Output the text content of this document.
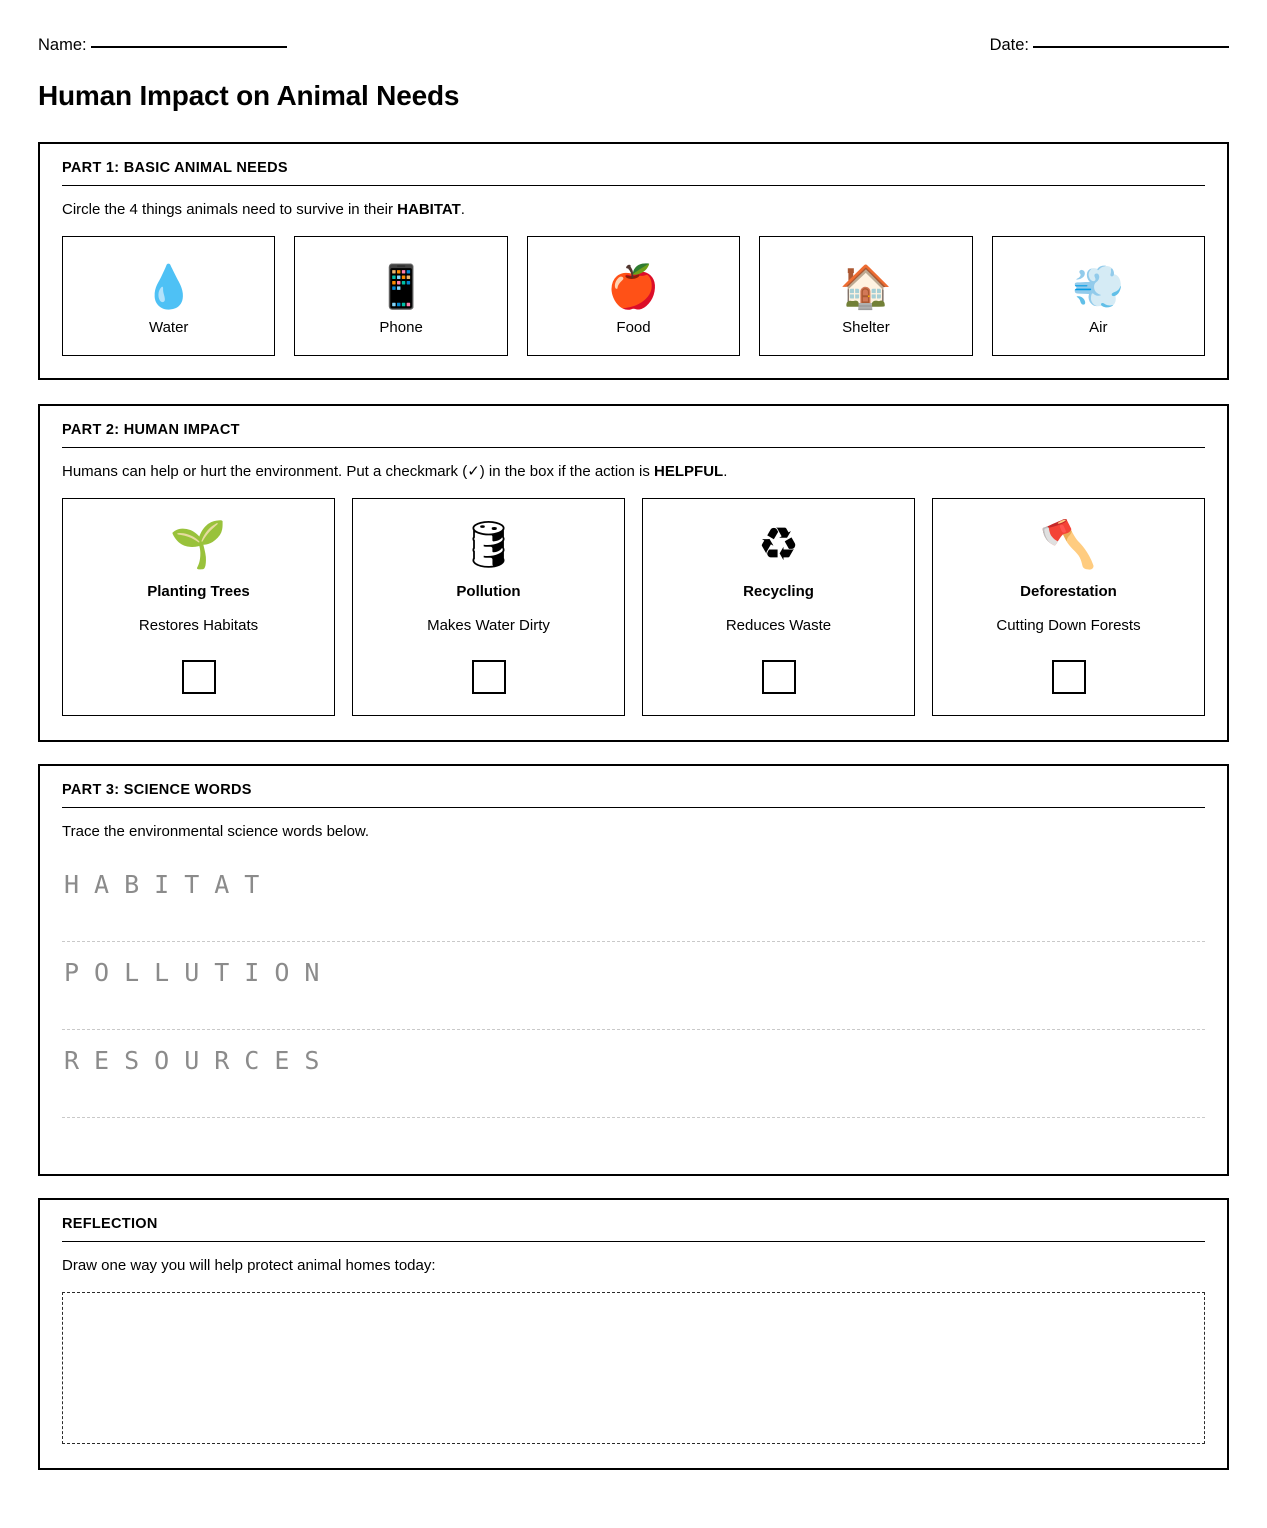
Name:	Date:
Human Impact on Animal Needs
PART 1: BASIC ANIMAL NEEDS

Circle the 4 things animals need to survive in their HABITAT.

💧
Water
📱
Phone
🍎
Food
🏠
Shelter
💨
Air
PART 2: HUMAN IMPACT

Humans can help or hurt the environment. Put a checkmark (✓) in the box if the action is HELPFUL.

🌱
Planting Trees
Restores Habitats
🛢
Pollution
Makes Water Dirty
♻
Recycling
Reduces Waste
🪓
Deforestation
Cutting Down Forests
PART 3: SCIENCE WORDS

Trace the environmental science words below.

HABITAT
POLLUTION
RESOURCES
REFLECTION

Draw one way you will help protect animal homes today:
